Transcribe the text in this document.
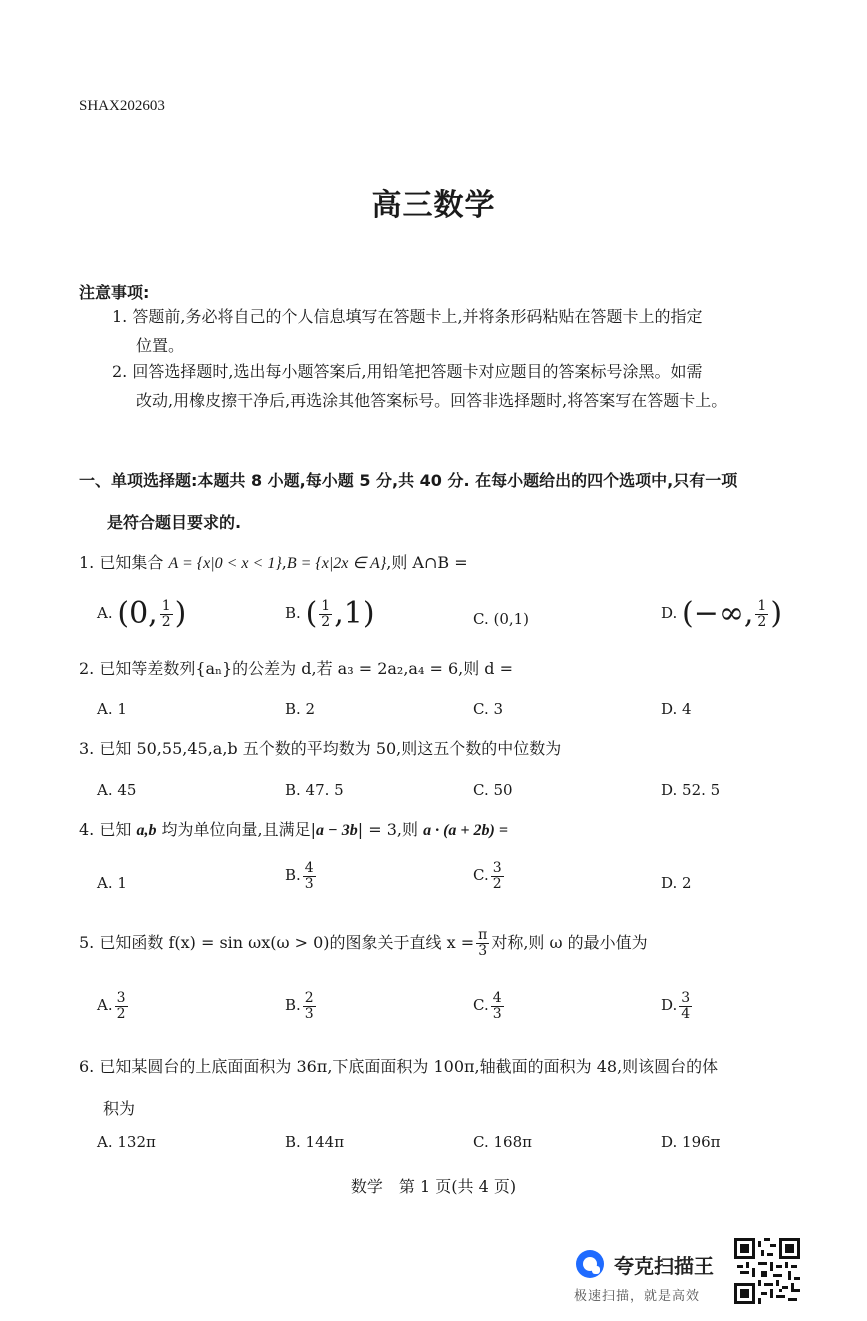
SHAX202603
高三数学
注意事项:
1. 答题前,务必将自己的个人信息填写在答题卡上,并将条形码粘贴在答题卡上的指定
位置。
2. 回答选择题时,选出每小题答案后,用铅笔把答题卡对应题目的答案标号涂黑。如需
改动,用橡皮擦干净后,再选涂其他答案标号。回答非选择题时,将答案写在答题卡上。
一、单项选择题:本题共 8 小题,每小题 5 分,共 40 分. 在每小题给出的四个选项中,只有一项
是符合题目要求的.
1. 已知集合 A = {x|0 < x < 1},B = {x|2x ∈ A},则 A∩B =
A. (0, $\frac{1}{2}$ )	B. ( $\frac{1}{2} ,1$)	C. (0,1)	D. (−∞, $\frac{1}{2}$ )
2. 已知等差数列{aₙ}的公差为 d,若 a₃ = 2a₂,a₄ = 6,则 d =
A. 1	B. 2	C. 3	D. 4
3. 已知 50,55,45,a,b 五个数的平均数为 50,则这五个数的中位数为
A. 45	B. 47. 5	C. 50	D. 52. 5
4. 已知 a,b 均为单位向量,且满足|a − 3b| = 3,则 a · (a + 2b) =
A. 1	B. $\frac{4}{3}$	C. $\frac{3}{2}$	D. 2
5. 已知函数 f(x) = sin ωx(ω > 0)的图象关于直线 $x = \frac{\pi}{3}$ 对称,则 ω 的最小值为
A. $\frac{3}{2}$	B. $\frac{2}{3}$	C. $\frac{4}{3}$	D. $\frac{3}{4}$
6. 已知某圆台的上底面面积为 36π,下底面面积为 100π,轴截面的面积为 48,则该圆台的体
积为
A. 132π	B. 144π	C. 168π	D. 196π
数学　第 1 页(共 4 页)
夸克扫描王
极速扫描，就是高效
